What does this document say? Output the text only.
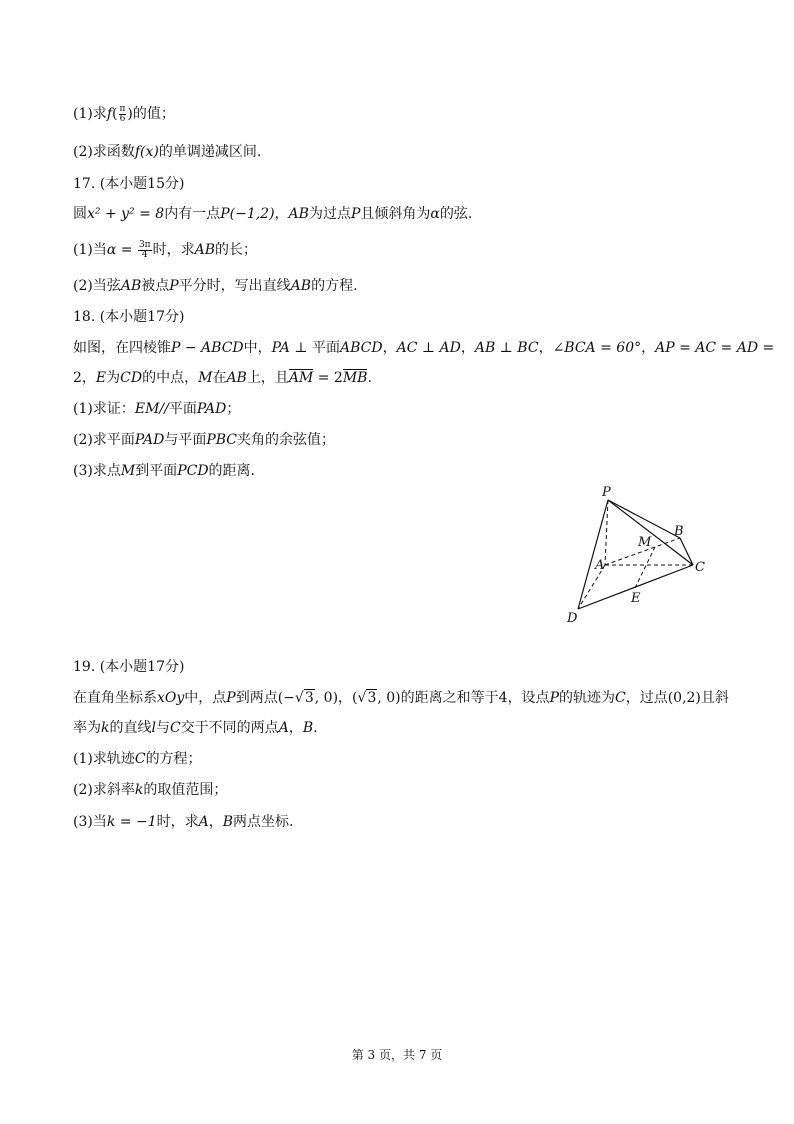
(1)求$f( \frac{\pi}{6}$ )的值；
(2)求函数f(x)的单调递减区间.
17. (本小题15分)
圆x² + y² = 8内有一点P(−1,2)，AB为过点P且倾斜角为α的弦.
(1)当$\alpha = \frac{3\pi}{4}$ 时，求AB的长；
(2)当弦AB被点P平分时，写出直线AB的方程.
18. (本小题17分)
如图，在四棱锥P − ABCD中，PA ⊥ 平面ABCD，AC ⊥ AD，AB ⊥ BC，∠BCA = 60°，AP = AC = AD =
2，E为CD的中点，M在AB上，且AM = 2MB.
(1)求证：EM//平面PAD；
(2)求平面PAD与平面PBC夹角的余弦值；
(3)求点M到平面PCD的距离.
P
B
M
A	C
E
D
19. (本小题17分)
在直角坐标系xOy中，点P到两点(−√3, 0)，(√3, 0)的距离之和等于4，设点P的轨迹为C，过点(0,2)且斜
率为k的直线l与C交于不同的两点A，B.
(1)求轨迹C的方程；
(2)求斜率k的取值范围；
(3)当k = −1时，求A，B两点坐标.
第 3 页，共 7 页
